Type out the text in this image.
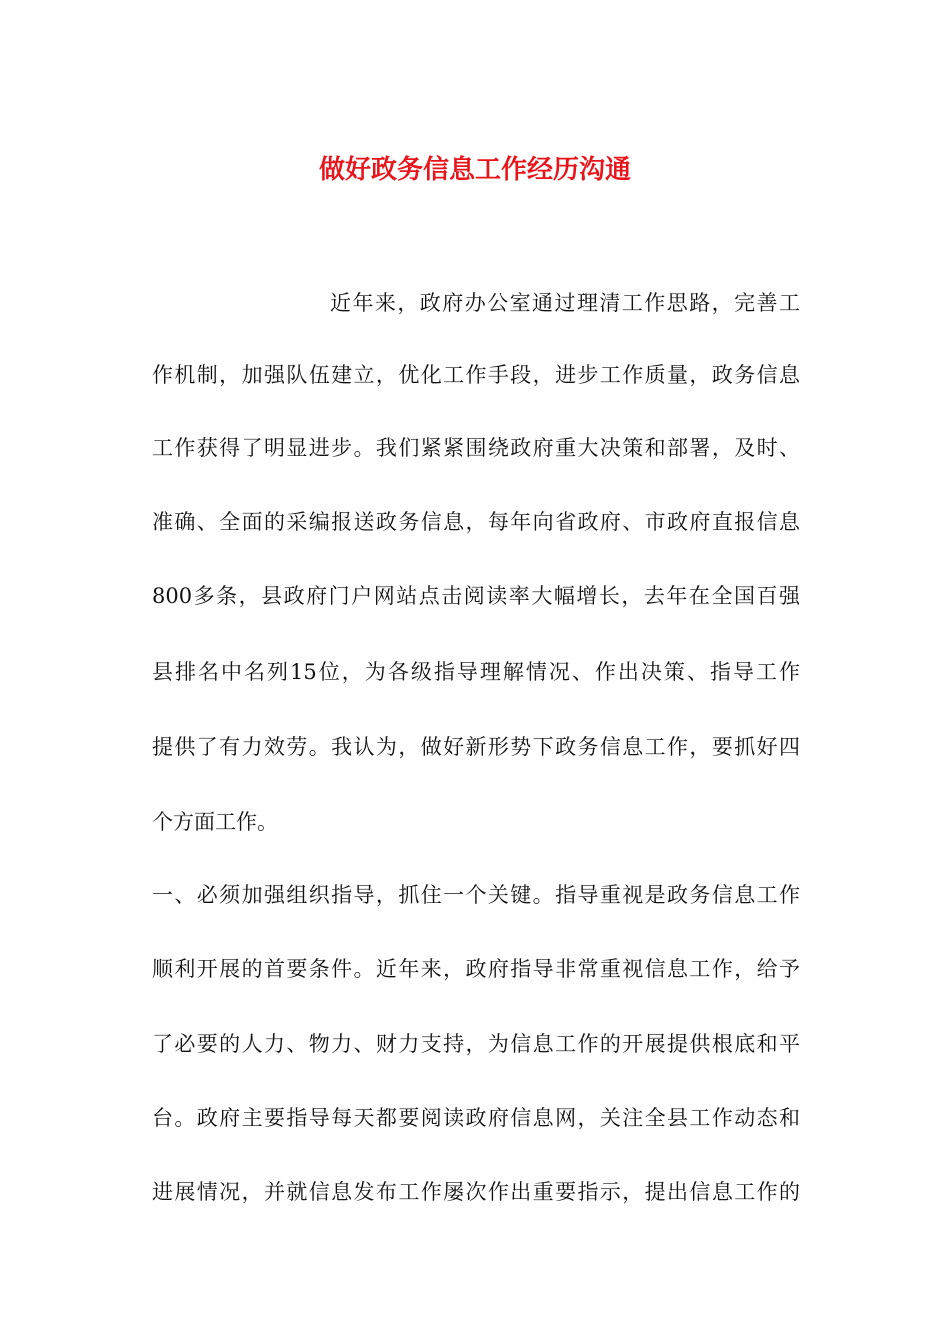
做好政务信息工作经历沟通
近年来，政府办公室通过理清工作思路，完善工
作机制，加强队伍建立，优化工作手段，进步工作质量，政务信息
工作获得了明显进步。我们紧紧围绕政府重大决策和部署，及时、
准确、全面的采编报送政务信息，每年向省政府、市政府直报信息
800多条，县政府门户网站点击阅读率大幅增长，去年在全国百强
县排名中名列15位，为各级指导理解情况、作出决策、指导工作
提供了有力效劳。我认为，做好新形势下政务信息工作，要抓好四
个方面工作。
一、必须加强组织指导，抓住一个关键。指导重视是政务信息工作
顺利开展的首要条件。近年来，政府指导非常重视信息工作，给予
了必要的人力、物力、财力支持，为信息工作的开展提供根底和平
台。政府主要指导每天都要阅读政府信息网，关注全县工作动态和
进展情况，并就信息发布工作屡次作出重要指示，提出信息工作的
